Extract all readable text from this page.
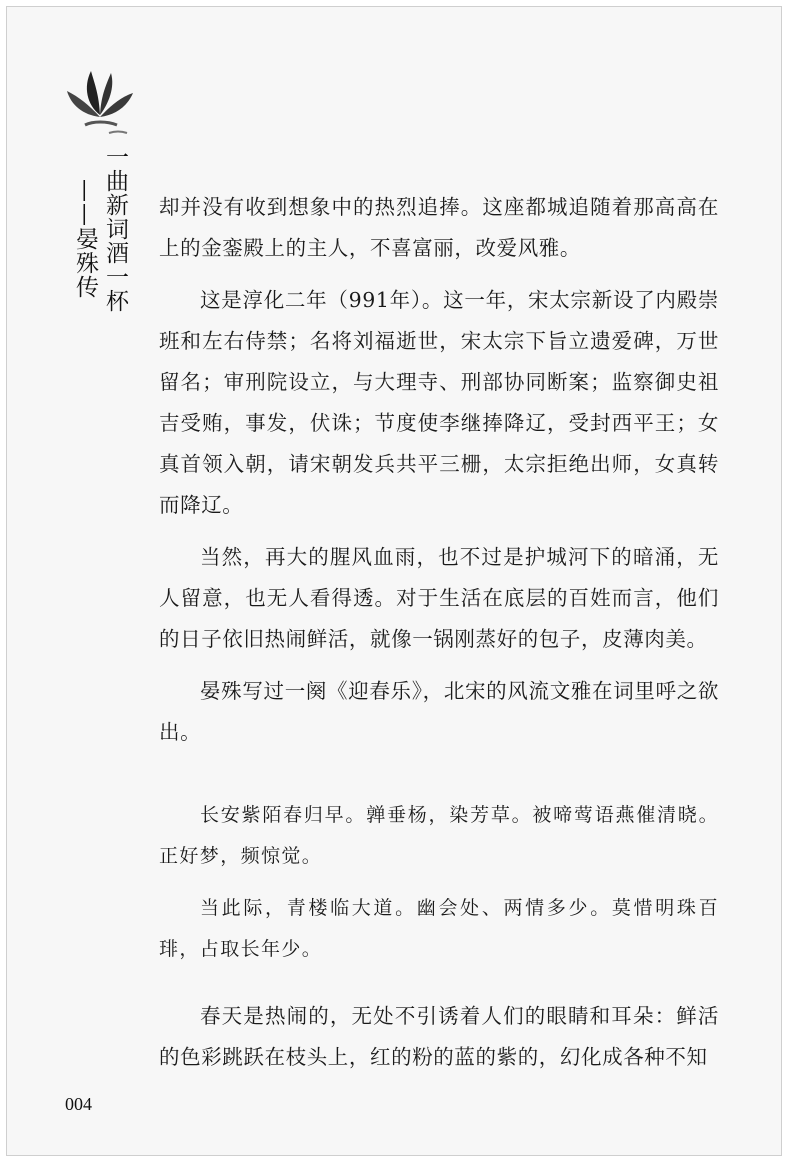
一曲新词酒一杯
——晏殊传	却并没有收到想象中的热烈追捧。这座都城追随着那高高在上的金銮殿上的主人，不喜富丽，改爱风雅。

这是淳化二年（991年）。这一年，宋太宗新设了内殿崇班和左右侍禁；名将刘福逝世，宋太宗下旨立遗爱碑，万世留名；审刑院设立，与大理寺、刑部协同断案；监察御史祖吉受贿，事发，伏诛；节度使李继捧降辽，受封西平王；女真首领入朝，请宋朝发兵共平三栅，太宗拒绝出师，女真转而降辽。

当然，再大的腥风血雨，也不过是护城河下的暗涌，无人留意，也无人看得透。对于生活在底层的百姓而言，他们的日子依旧热闹鲜活，就像一锅刚蒸好的包子，皮薄肉美。

晏殊写过一阕《迎春乐》，北宋的风流文雅在词里呼之欲出。

长安紫陌春归早。亸垂杨，染芳草。被啼莺语燕催清晓。正好梦，频惊觉。

当此际，青楼临大道。幽会处、两情多少。莫惜明珠百琲，占取长年少。

春天是热闹的，无处不引诱着人们的眼睛和耳朵：鲜活的色彩跳跃在枝头上，红的粉的蓝的紫的，幻化成各种不知

004
